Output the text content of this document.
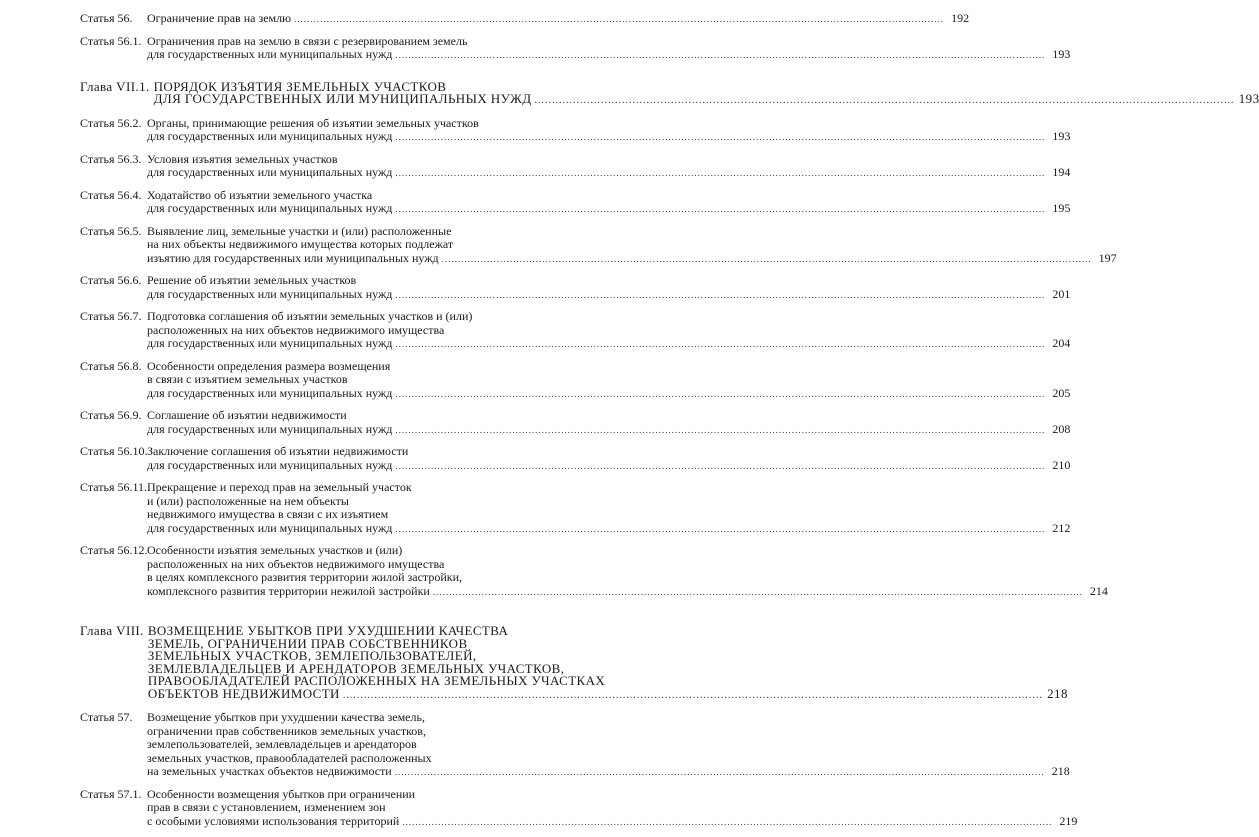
Статья 56.	Ограничение прав на землю ........................................................................................................................................................................................................ 192
Статья 56.1. Ограничения прав на землю в связи с резервированием земель
для государственных или муниципальных нужд ........................................................................................................................................................................................................ 193
Глава VII.1. ПОРЯДОК ИЗЪЯТИЯ ЗЕМЕЛЬНЫХ УЧАСТКОВ
ДЛЯ ГОСУДАРСТВЕННЫХ ИЛИ МУНИЦИПАЛЬНЫХ НУЖД ........................................................................................................................................................................................................ 193
Статья 56.2. Органы, принимающие решения об изъятии земельных участков
для государственных или муниципальных нужд ........................................................................................................................................................................................................ 193
Статья 56.3. Условия изъятия земельных участков
для государственных или муниципальных нужд ........................................................................................................................................................................................................ 194
Статья 56.4. Ходатайство об изъятии земельного участка
для государственных или муниципальных нужд ........................................................................................................................................................................................................ 195
Статья 56.5. Выявление лиц, земельные участки и (или) расположенные
на них объекты недвижимого имущества которых подлежат
изъятию для государственных или муниципальных нужд ........................................................................................................................................................................................................ 197
Статья 56.6. Решение об изъятии земельных участков
для государственных или муниципальных нужд ........................................................................................................................................................................................................ 201
Статья 56.7. Подготовка соглашения об изъятии земельных участков и (или)
расположенных на них объектов недвижимого имущества
для государственных или муниципальных нужд ........................................................................................................................................................................................................ 204
Статья 56.8. Особенности определения размера возмещения
в связи с изъятием земельных участков
для государственных или муниципальных нужд ........................................................................................................................................................................................................ 205
Статья 56.9. Соглашение об изъятии недвижимости
для государственных или муниципальных нужд ........................................................................................................................................................................................................ 208
Статья 56.10. Заключение соглашения об изъятии недвижимости
для государственных или муниципальных нужд ........................................................................................................................................................................................................ 210
Статья 56.11. Прекращение и переход прав на земельный участок
и (или) расположенные на нем объекты
недвижимого имущества в связи с их изъятием
для государственных или муниципальных нужд ........................................................................................................................................................................................................ 212
Статья 56.12. Особенности изъятия земельных участков и (или)
расположенных на них объектов недвижимого имущества
в целях комплексного развития территории жилой застройки,
комплексного развития территории нежилой застройки ........................................................................................................................................................................................................ 214
Глава VIII. ВОЗМЕЩЕНИЕ УБЫТКОВ ПРИ УХУДШЕНИИ КАЧЕСТВА
ЗЕМЕЛЬ, ОГРАНИЧЕНИИ ПРАВ СОБСТВЕННИКОВ
ЗЕМЕЛЬНЫХ УЧАСТКОВ, ЗЕМЛЕПОЛЬЗОВАТЕЛЕЙ,
ЗЕМЛЕВЛАДЕЛЬЦЕВ И АРЕНДАТОРОВ ЗЕМЕЛЬНЫХ УЧАСТКОВ,
ПРАВООБЛАДАТЕЛЕЙ РАСПОЛОЖЕННЫХ НА ЗЕМЕЛЬНЫХ УЧАСТКАХ
ОБЪЕКТОВ НЕДВИЖИМОСТИ ........................................................................................................................................................................................................ 218
Статья 57.	Возмещение убытков при ухудшении качества земель,
ограничении прав собственников земельных участков,
землепользователей, землевладельцев и арендаторов
земельных участков, правообладателей расположенных
на земельных участках объектов недвижимости ........................................................................................................................................................................................................ 218
Статья 57.1. Особенности возмещения убытков при ограничении
прав в связи с установлением, изменением зон
с особыми условиями использования территорий ........................................................................................................................................................................................................ 219
